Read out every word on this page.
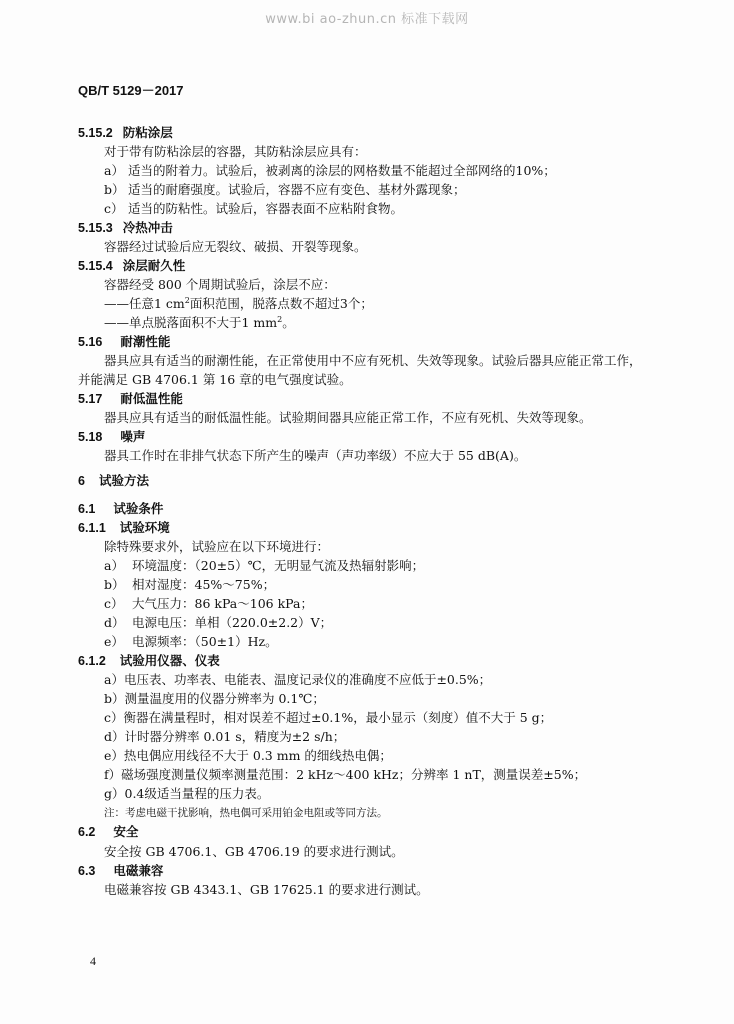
www.bi ao-zhun.cn 标准下载网
QB/T 5129－2017
5.15.2 防粘涂层
对于带有防粘涂层的容器，其防粘涂层应具有：
a） 适当的附着力。试验后，被剥离的涂层的网格数量不能超过全部网络的10%；
b） 适当的耐磨强度。试验后，容器不应有变色、基材外露现象；
c） 适当的防粘性。试验后，容器表面不应粘附食物。
5.15.3 冷热冲击
容器经过试验后应无裂纹、破损、开裂等现象。
5.15.4 涂层耐久性
容器经受 800 个周期试验后，涂层不应：
——任意1 $cm^2$面积范围，脱落点数不超过3个；
——单点脱落面积不大于1 $mm^2$。
5.16 耐潮性能
器具应具有适当的耐潮性能，在正常使用中不应有死机、失效等现象。试验后器具应能正常工作，
并能满足 GB 4706.1 第 16 章的电气强度试验。
5.17 耐低温性能
器具应具有适当的耐低温性能。试验期间器具应能正常工作，不应有死机、失效等现象。
5.18 噪声
器具工作时在非排气状态下所产生的噪声（声功率级）不应大于 55 dB(A)。
6 试验方法
6.1 试验条件
6.1.1 试验环境
除特殊要求外，试验应在以下环境进行：
a） 环境温度：（20±5）℃，无明显气流及热辐射影响；
b） 相对湿度：45%～75%；
c） 大气压力：86 kPa～106 kPa；
d） 电源电压：单相（220.0±2.2）V；
e） 电源频率：（50±1）Hz。
6.1.2 试验用仪器、仪表
a）电压表、功率表、电能表、温度记录仪的准确度不应低于±0.5%；
b）测量温度用的仪器分辨率为 0.1℃；
c）衡器在满量程时，相对误差不超过±0.1%，最小显示（刻度）值不大于 5 g；
d）计时器分辨率 0.01 s，精度为±2 s/h；
e）热电偶应用线径不大于 0.3 mm 的细线热电偶；
f）磁场强度测量仪频率测量范围：2 kHz～400 kHz；分辨率 1 nT，测量误差±5%；
g）0.4级适当量程的压力表。
注：考虑电磁干扰影响，热电偶可采用铂金电阻或等同方法。
6.2 安全
安全按 GB 4706.1、GB 4706.19 的要求进行测试。
6.3 电磁兼容
电磁兼容按 GB 4343.1、GB 17625.1 的要求进行测试。
4
